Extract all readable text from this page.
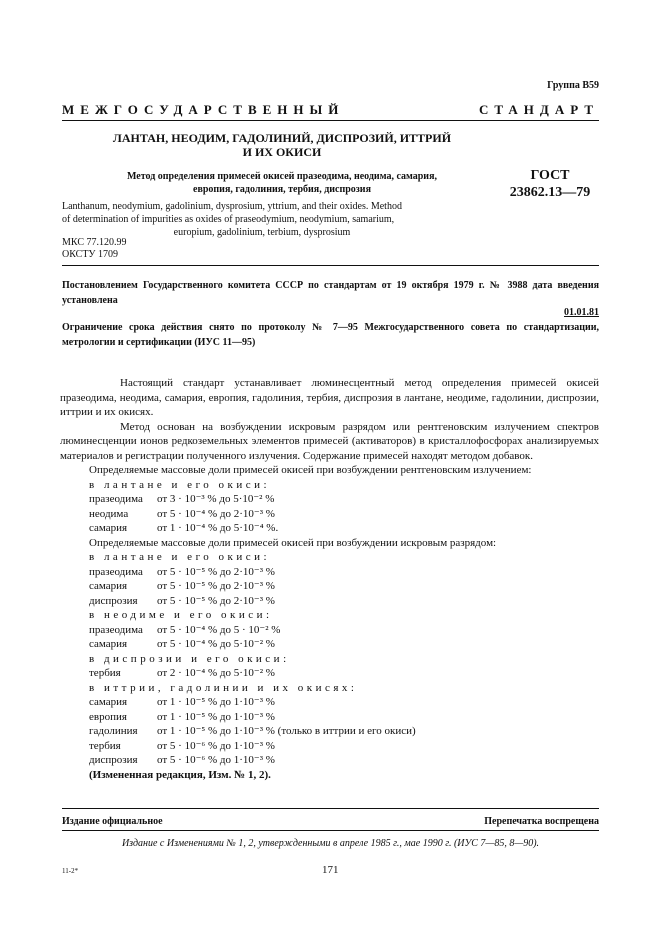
Группа В59
МЕЖГОСУДАРСТВЕННЫЙ	СТАНДАРТ
ЛАНТАН, НЕОДИМ, ГАДОЛИНИЙ, ДИСПРОЗИЙ, ИТТРИЙ
И ИХ ОКИСИ
Метод определения примесей окисей празеодима, неодима, самария,
европия, гадолиния, тербия, диспрозия
Lanthanum, neodymium, gadolinium, dysprosium, yttrium, and their oxides. Method
of determination of impurities as oxides of praseodymium, neodymium, samarium,
europium, gadolinium, terbium, dysprosium
ГОСТ
23862.13—79
МКС 77.120.99
ОКСТУ 1709
Постановлением Государственного комитета СССР по стандартам от 19 октября 1979 г. № 3988 дата введения установлена
01.01.81
Ограничение срока действия снято по протоколу № 7—95 Межгосударственного совета по стандартизации, метрологии и сертификации (ИУС 11—95)

Настоящий стандарт устанавливает люминесцентный метод определения примесей окисей празеодима, неодима, самария, европия, гадолиния, тербия, диспрозия в лантане, неодиме, гадолинии, диспрозии, иттрии и их окисях.

Метод основан на возбуждении искровым разрядом или рентгеновским излучением спектров люминесценции ионов редкоземельных элементов примесей (активаторов) в кристаллофосфорах анализируемых материалов и регистрации полученного излучения. Содержание примесей находят методом добавок.

Определяемые массовые доли примесей окисей при возбуждении рентгеновским излучением:
в лантане и его окиси:
празеодима	от 3 · 10⁻³ % до 5·10⁻² %
неодима	от 5 · 10⁻⁴ % до 2·10⁻³ %
самария	от 1 · 10⁻⁴ % до 5·10⁻⁴ %.
Определяемые массовые доли примесей окисей при возбуждении искровым разрядом:
в лантане и его окиси:
празеодима	от 5 · 10⁻⁵ % до 2·10⁻³ %
самария	от 5 · 10⁻⁵ % до 2·10⁻³ %
диспрозия	от 5 · 10⁻⁵ % до 2·10⁻³ %
в неодиме и его окиси:
празеодима	от 5 · 10⁻⁴ % до 5 · 10⁻² %
самария	от 5 · 10⁻⁴ % до 5·10⁻² %
в диспрозии и его окиси:
тербия	от 2 · 10⁻⁴ % до 5·10⁻² %
в иттрии, гадолинии и их окисях:
самария	от 1 · 10⁻⁵ % до 1·10⁻³ %
европия	от 1 · 10⁻⁵ % до 1·10⁻³ %
гадолиния	от 1 · 10⁻⁵ % до 1·10⁻³ % (только в иттрии и его окиси)
тербия	от 5 · 10⁻⁶ % до 1·10⁻³ %
диспрозия	от 5 · 10⁻⁶ % до 1·10⁻³ %
(Измененная редакция, Изм. № 1, 2).
Издание официальное	Перепечатка воспрещена
Издание с Изменениями № 1, 2, утвержденными в апреле 1985 г., мае 1990 г. (ИУС 7—85, 8—90).
11-2*	171
